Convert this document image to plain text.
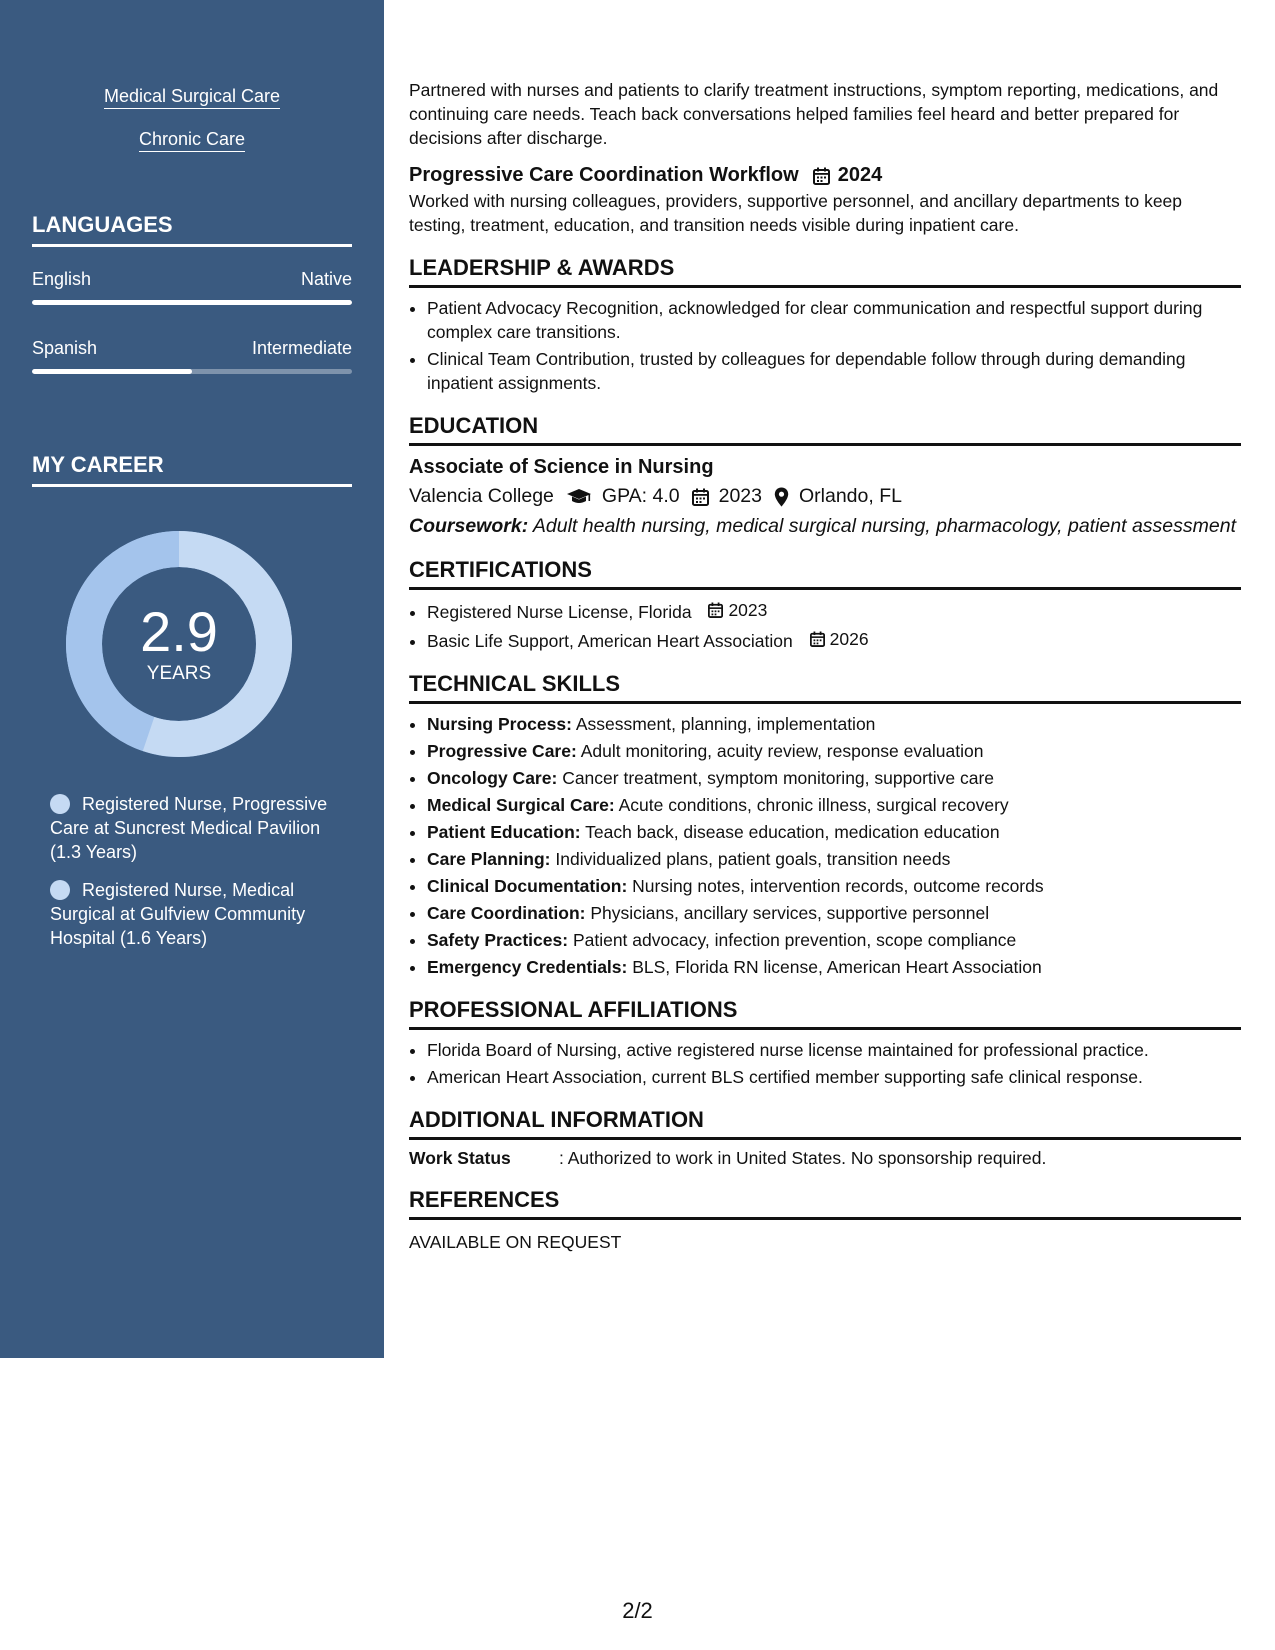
Medical Surgical Care
Chronic Care
LANGUAGES
English	Native
Spanish	Intermediate
MY CAREER
2.9
YEARS
Registered Nurse, Progressive Care at Suncrest Medical Pavilion (1.3 Years)
Registered Nurse, Medical Surgical at Gulfview Community Hospital (1.6 Years)

Partnered with nurses and patients to clarify treatment instructions, symptom reporting, medications, and continuing care needs. Teach back conversations helped families feel heard and better prepared for decisions after discharge.

Progressive Care Coordination Workflow 2024

Worked with nursing colleagues, providers, supportive personnel, and ancillary departments to keep testing, treatment, education, and transition needs visible during inpatient care.

LEADERSHIP & AWARDS
• Patient Advocacy Recognition, acknowledged for clear communication and respectful support during complex care transitions.
• Clinical Team Contribution, trusted by colleagues for dependable follow through during demanding inpatient assignments.
EDUCATION
Associate of Science in Nursing
Valencia College GPA: 4.0 2023 Orlando, FL
Coursework: Adult health nursing, medical surgical nursing, pharmacology, patient assessment
CERTIFICATIONS
• Registered Nurse License, Florida 2023
• Basic Life Support, American Heart Association 2026
TECHNICAL SKILLS
• Nursing Process: Assessment, planning, implementation
• Progressive Care: Adult monitoring, acuity review, response evaluation
• Oncology Care: Cancer treatment, symptom monitoring, supportive care
• Medical Surgical Care: Acute conditions, chronic illness, surgical recovery
• Patient Education: Teach back, disease education, medication education
• Care Planning: Individualized plans, patient goals, transition needs
• Clinical Documentation: Nursing notes, intervention records, outcome records
• Care Coordination: Physicians, ancillary services, supportive personnel
• Safety Practices: Patient advocacy, infection prevention, scope compliance
• Emergency Credentials: BLS, Florida RN license, American Heart Association
PROFESSIONAL AFFILIATIONS
• Florida Board of Nursing, active registered nurse license maintained for professional practice.
• American Heart Association, current BLS certified member supporting safe clinical response.
ADDITIONAL INFORMATION
Work Status	: Authorized to work in United States. No sponsorship required.
REFERENCES
AVAILABLE ON REQUEST
2/2
